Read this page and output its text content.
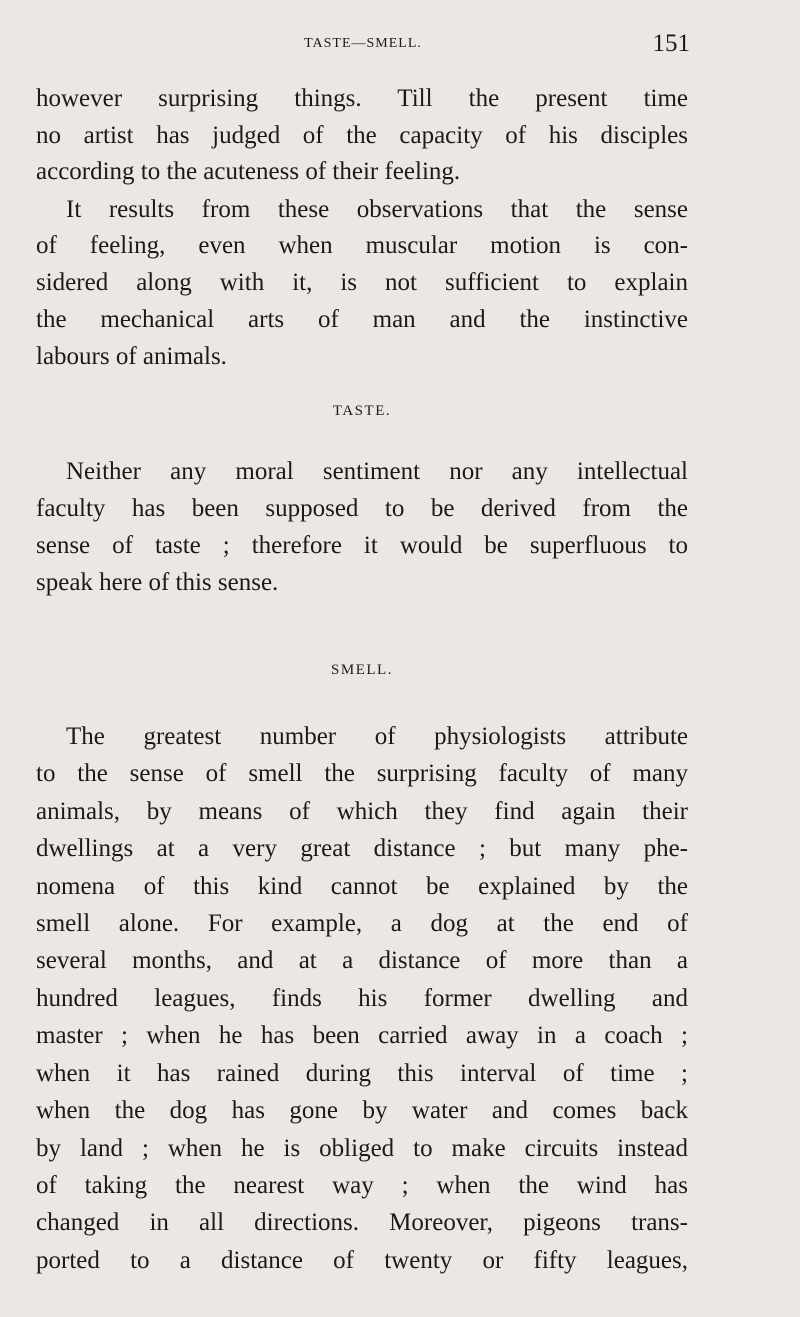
TASTE—SMELL.	151
however surprising things. Till the present time
no artist has judged of the capacity of his disciples
according to the acuteness of their feeling.
It results from these observations that the sense
of feeling, even when muscular motion is con-
sidered along with it, is not sufficient to explain
the mechanical arts of man and the instinctive
labours of animals.
TASTE.
Neither any moral sentiment nor any intellectual
faculty has been supposed to be derived from the
sense of taste ; therefore it would be superfluous to
speak here of this sense.
SMELL.
The greatest number of physiologists attribute
to the sense of smell the surprising faculty of many
animals, by means of which they find again their
dwellings at a very great distance ; but many phe-
nomena of this kind cannot be explained by the
smell alone. For example, a dog at the end of
several months, and at a distance of more than a
hundred leagues, finds his former dwelling and
master ; when he has been carried away in a coach ;
when it has rained during this interval of time ;
when the dog has gone by water and comes back
by land ; when he is obliged to make circuits instead
of taking the nearest way ; when the wind has
changed in all directions. Moreover, pigeons trans-
ported to a distance of twenty or fifty leagues,
